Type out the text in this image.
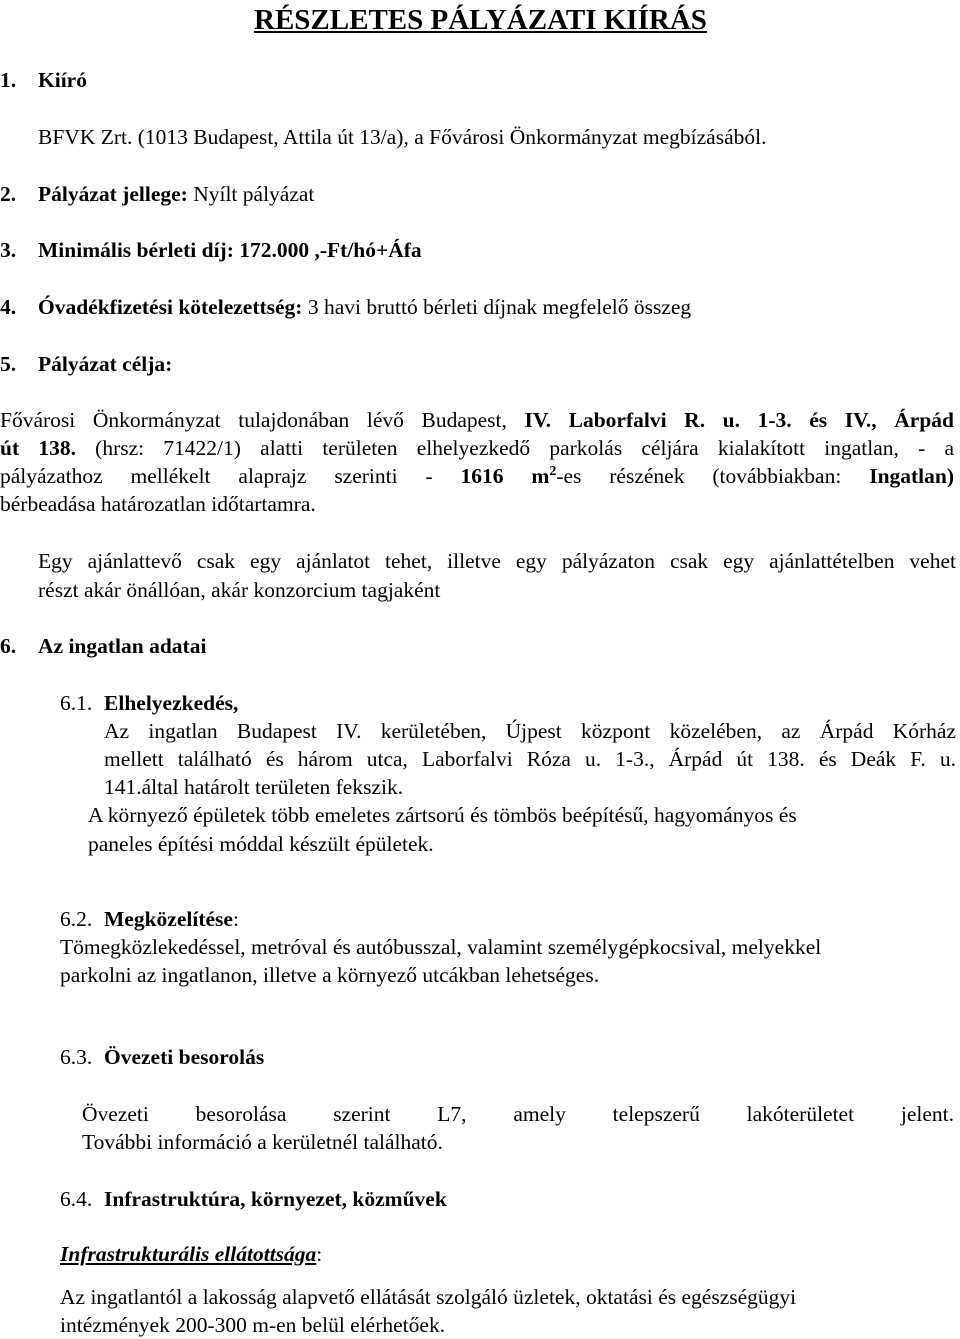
RÉSZLETES PÁLYÁZATI KIÍRÁS
1. Kiíró
BFVK Zrt. (1013 Budapest, Attila út 13/a), a Fővárosi Önkormányzat megbízásából.
2. Pályázat jellege: Nyílt pályázat
3. Minimális bérleti díj: 172.000 ,-Ft/hó+Áfa
4. Óvadékfizetési kötelezettség: 3 havi bruttó bérleti díjnak megfelelő összeg
5. Pályázat célja:
Fővárosi Önkormányzat tulajdonában lévő Budapest, IV. Laborfalvi R. u. 1-3. és IV., Árpád
út 138. (hrsz: 71422/1) alatti területen elhelyezkedő parkolás céljára kialakított ingatlan, - a
pályázathoz mellékelt alaprajz szerinti - 1616 $m^2-es$ részének (továbbiakban: Ingatlan)
bérbeadása határozatlan időtartamra.
Egy ajánlattevő csak egy ajánlatot tehet, illetve egy pályázaton csak egy ajánlattételben vehet
részt akár önállóan, akár konzorcium tagjaként
6. Az ingatlan adatai
6.1. Elhelyezkedés,
Az ingatlan Budapest IV. kerületében, Újpest központ közelében, az Árpád Kórház
mellett található és három utca, Laborfalvi Róza u. 1-3., Árpád út 138. és Deák F. u.
141.által határolt területen fekszik.
A környező épületek több emeletes zártsorú és tömbös beépítésű, hagyományos és
paneles építési móddal készült épületek.
6.2. Megközelítése:
Tömegközlekedéssel, metróval és autóbusszal, valamint személygépkocsival, melyekkel
parkolni az ingatlanon, illetve a környező utcákban lehetséges.
6.3. Övezeti besorolás
Övezeti besorolása szerint L7, amely telepszerű lakóterületet jelent.
További információ a kerületnél található.
6.4. Infrastruktúra, környezet, közművek
Infrastrukturális ellátottsága:
Az ingatlantól a lakosság alapvető ellátását szolgáló üzletek, oktatási és egészségügyi
intézmények 200-300 m-en belül elérhetőek.
